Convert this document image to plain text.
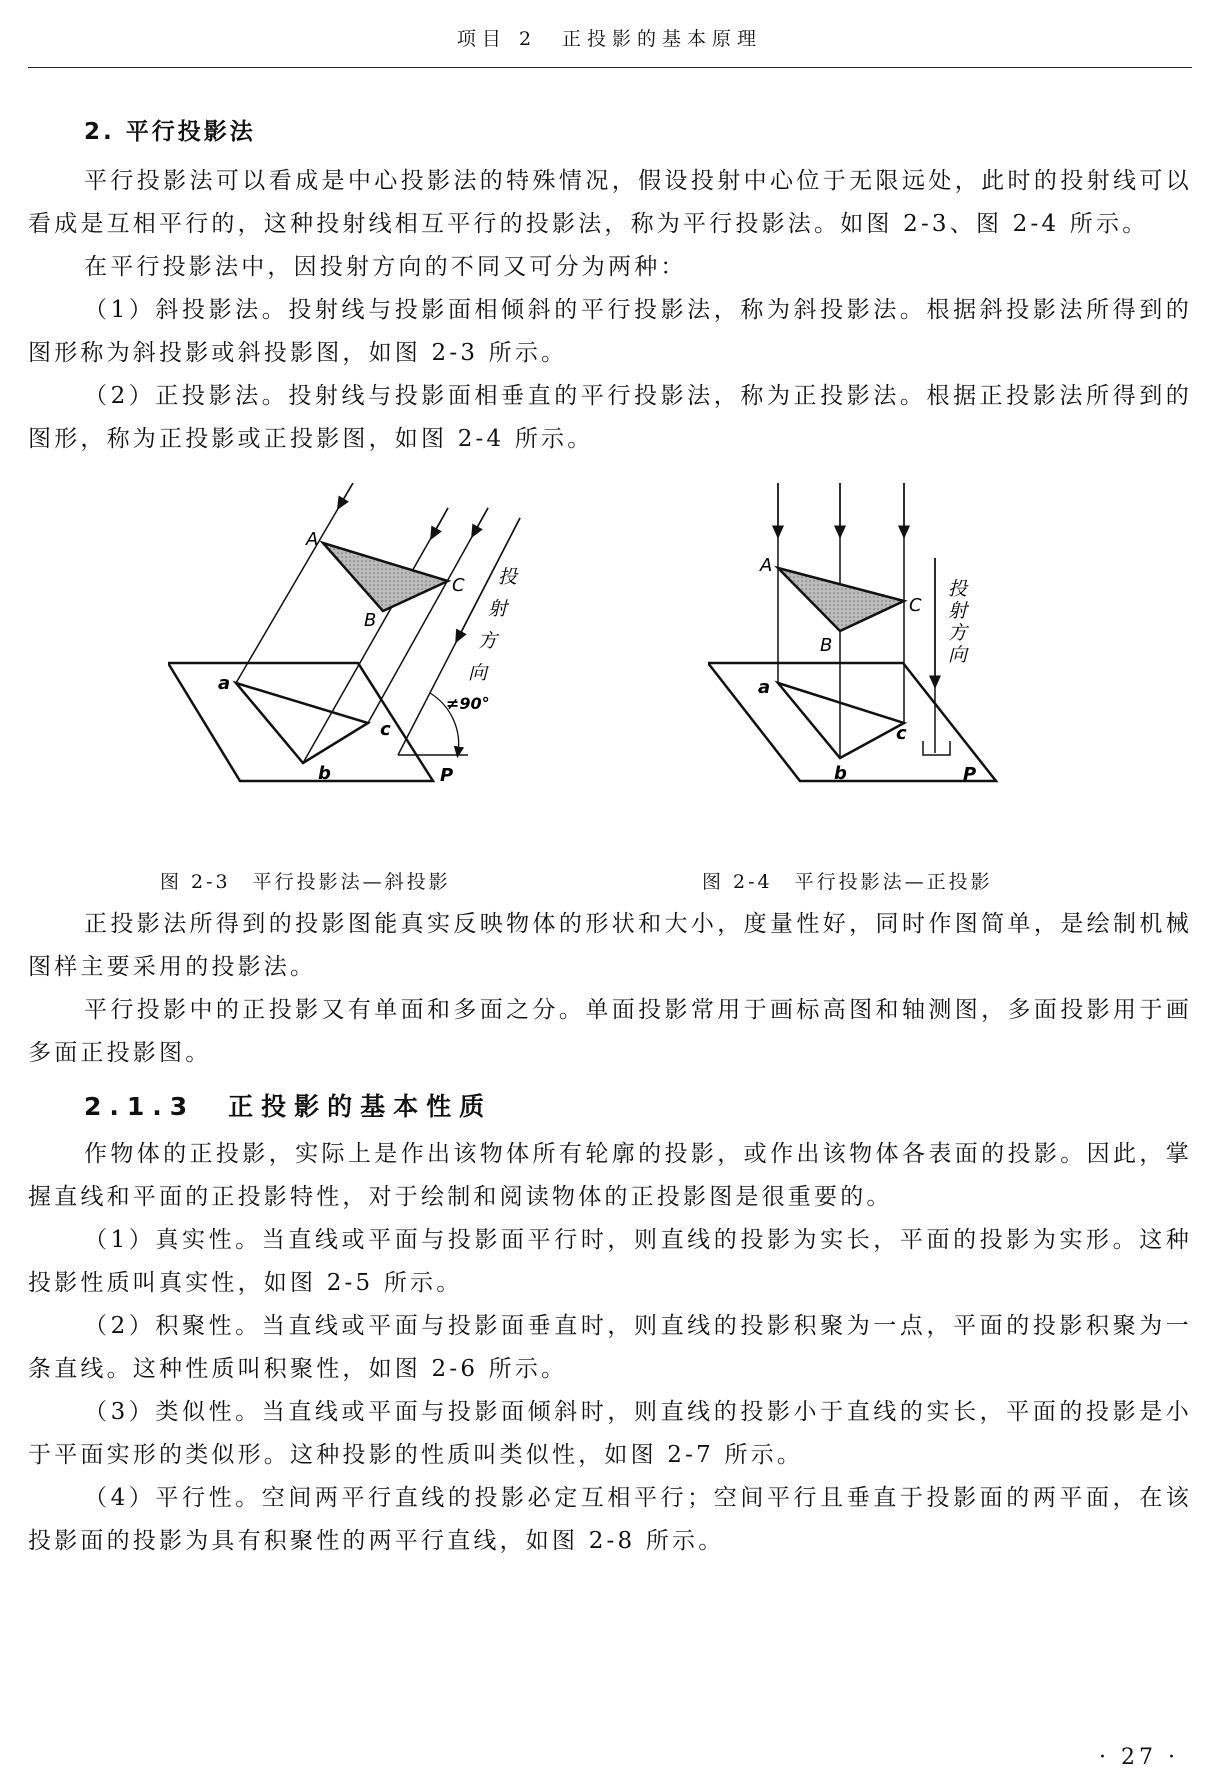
项目 2　正投影的基本原理
2. 平行投影法

平行投影法可以看成是中心投影法的特殊情况，假设投射中心位于无限远处，此时的投射线可以看成是互相平行的，这种投射线相互平行的投影法，称为平行投影法。如图 2-3、图 2-4 所示。

在平行投影法中，因投射方向的不同又可分为两种：

（1）斜投影法。投射线与投影面相倾斜的平行投影法，称为斜投影法。根据斜投影法所得到的图形称为斜投影或斜投影图，如图 2-3 所示。

（2）正投影法。投射线与投影面相垂直的平行投影法，称为正投影法。根据正投影法所得到的图形，称为正投影或正投影图，如图 2-4 所示。

A
B
C
a
b
c
P
≠90°
投
射
方
向
图 2-3　平行投影法—斜投影
A
B
C
a
b
c
P
投
射
方
向
图 2-4　平行投影法—正投影

正投影法所得到的投影图能真实反映物体的形状和大小，度量性好，同时作图简单，是绘制机械图样主要采用的投影法。

平行投影中的正投影又有单面和多面之分。单面投影常用于画标高图和轴测图，多面投影用于画多面正投影图。

2.1.3　正投影的基本性质

作物体的正投影，实际上是作出该物体所有轮廓的投影，或作出该物体各表面的投影。因此，掌握直线和平面的正投影特性，对于绘制和阅读物体的正投影图是很重要的。

（1）真实性。当直线或平面与投影面平行时，则直线的投影为实长，平面的投影为实形。这种投影性质叫真实性，如图 2-5 所示。

（2）积聚性。当直线或平面与投影面垂直时，则直线的投影积聚为一点，平面的投影积聚为一条直线。这种性质叫积聚性，如图 2-6 所示。

（3）类似性。当直线或平面与投影面倾斜时，则直线的投影小于直线的实长，平面的投影是小于平面实形的类似形。这种投影的性质叫类似性，如图 2-7 所示。

（4）平行性。空间两平行直线的投影必定互相平行；空间平行且垂直于投影面的两平面，在该投影面的投影为具有积聚性的两平行直线，如图 2-8 所示。

· 27 ·
